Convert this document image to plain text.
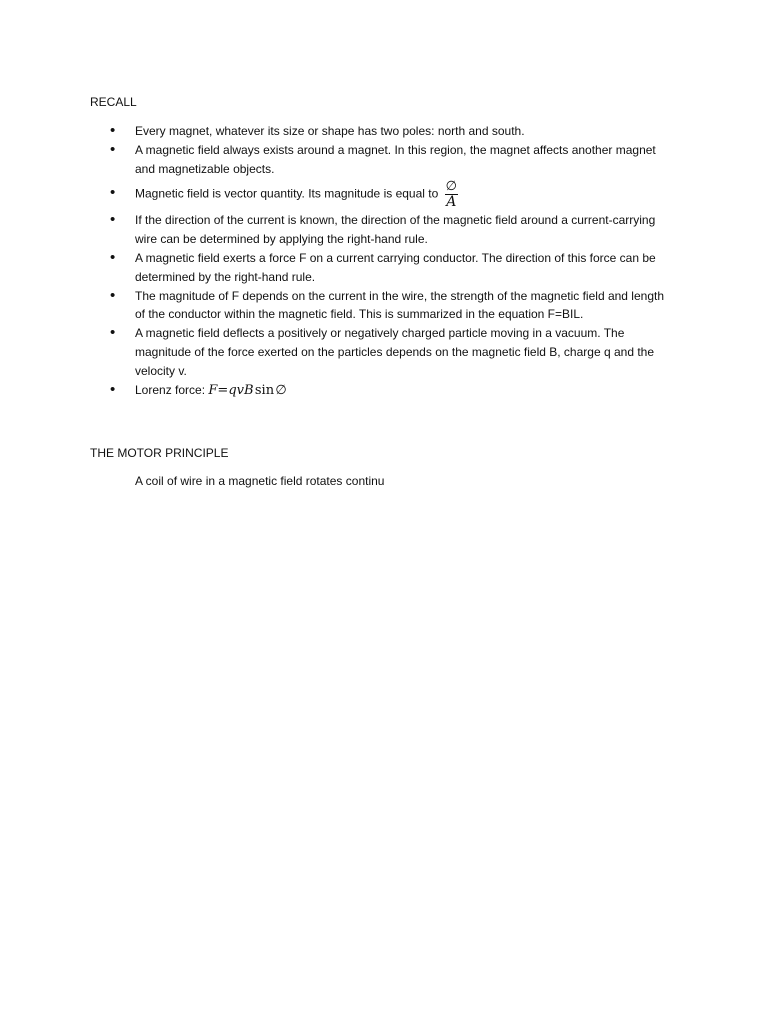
RECALL
• Every magnet, whatever its size or shape has two poles: north and south.
• A magnetic field always exists around a magnet. In this region, the magnet affects another magnet and magnetizable objects.
• Magnetic field is vector quantity. Its magnitude is equal to $\frac{\emptyset}{A}$
• If the direction of the current is known, the direction of the magnetic field around a current-carrying wire can be determined by applying the right-hand rule.
• A magnetic field exerts a force F on a current carrying conductor. The direction of this force can be determined by the right-hand rule.
• The magnitude of F depends on the current in the wire, the strength of the magnetic field and length of the conductor within the magnetic field. This is summarized in the equation F=BIL.
• A magnetic field deflects a positively or negatively charged particle moving in a vacuum. The magnitude of the force exerted on the particles depends on the magnetic field B, charge q and the velocity v.
• Lorenz force: F=qvB sin ∅
THE MOTOR PRINCIPLE

A coil of wire in a magnetic field rotates continu
